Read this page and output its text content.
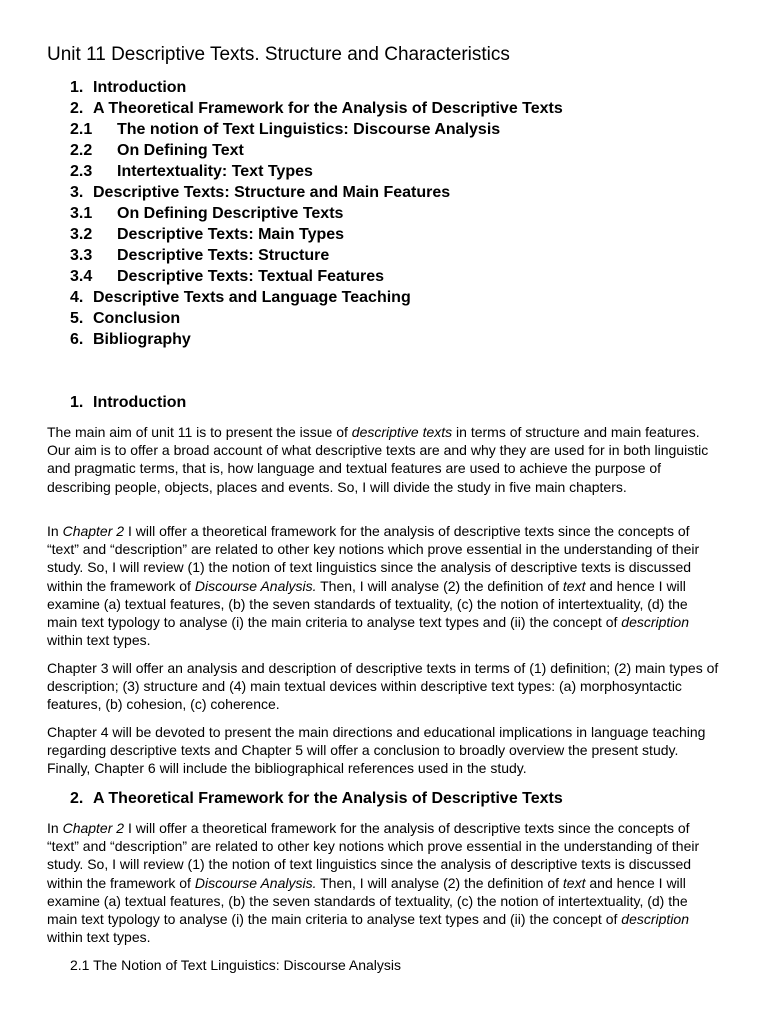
Unit 11 Descriptive Texts. Structure and Characteristics
1. Introduction
2. A Theoretical Framework for the Analysis of Descriptive Texts
2.1 The notion of Text Linguistics: Discourse Analysis
2.2 On Defining Text
2.3 Intertextuality: Text Types
3. Descriptive Texts: Structure and Main Features
3.1 On Defining Descriptive Texts
3.2 Descriptive Texts: Main Types
3.3 Descriptive Texts: Structure
3.4 Descriptive Texts: Textual Features
4. Descriptive Texts and Language Teaching
5. Conclusion
6. Bibliography
1. Introduction

The main aim of unit 11 is to present the issue of descriptive texts in terms of structure and main features. Our aim is to offer a broad account of what descriptive texts are and why they are used for in both linguistic and pragmatic terms, that is, how language and textual features are used to achieve the purpose of describing people, objects, places and events. So, I will divide the study in five main chapters.

In Chapter 2 I will offer a theoretical framework for the analysis of descriptive texts since the concepts of “text” and “description” are related to other key notions which prove essential in the understanding of their study. So, I will review (1) the notion of text linguistics since the analysis of descriptive texts is discussed within the framework of Discourse Analysis. Then, I will analyse (2) the definition of text and hence I will examine (a) textual features, (b) the seven standards of textuality, (c) the notion of intertextuality, (d) the main text typology to analyse (i) the main criteria to analyse text types and (ii) the concept of description within text types.

Chapter 3 will offer an analysis and description of descriptive texts in terms of (1) definition; (2) main types of description; (3) structure and (4) main textual devices within descriptive text types: (a) morphosyntactic features, (b) cohesion, (c) coherence.

Chapter 4 will be devoted to present the main directions and educational implications in language teaching regarding descriptive texts and Chapter 5 will offer a conclusion to broadly overview the present study. Finally, Chapter 6 will include the bibliographical references used in the study.

2. A Theoretical Framework for the Analysis of Descriptive Texts

In Chapter 2 I will offer a theoretical framework for the analysis of descriptive texts since the concepts of “text” and “description” are related to other key notions which prove essential in the understanding of their study. So, I will review (1) the notion of text linguistics since the analysis of descriptive texts is discussed within the framework of Discourse Analysis. Then, I will analyse (2) the definition of text and hence I will examine (a) textual features, (b) the seven standards of textuality, (c) the notion of intertextuality, (d) the main text typology to analyse (i) the main criteria to analyse text types and (ii) the concept of description within text types.

2.1 The Notion of Text Linguistics: Discourse Analysis
